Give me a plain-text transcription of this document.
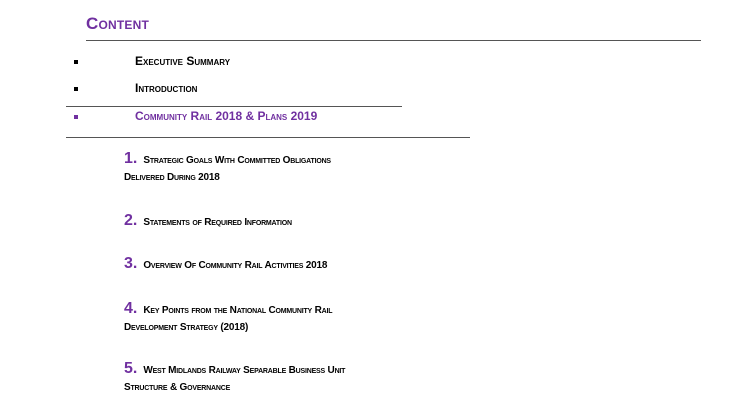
Content
Executive Summary
Introduction
Community Rail 2018 & Plans 2019
1. Strategic Goals With Committed Obligations
Delivered During 2018
2. Statements of Required Information
3. Overview Of Community Rail Activities 2018
4. Key Points from the National Community Rail
Development Strategy (2018)
5. West Midlands Railway Separable Business Unit
Structure & Governance
